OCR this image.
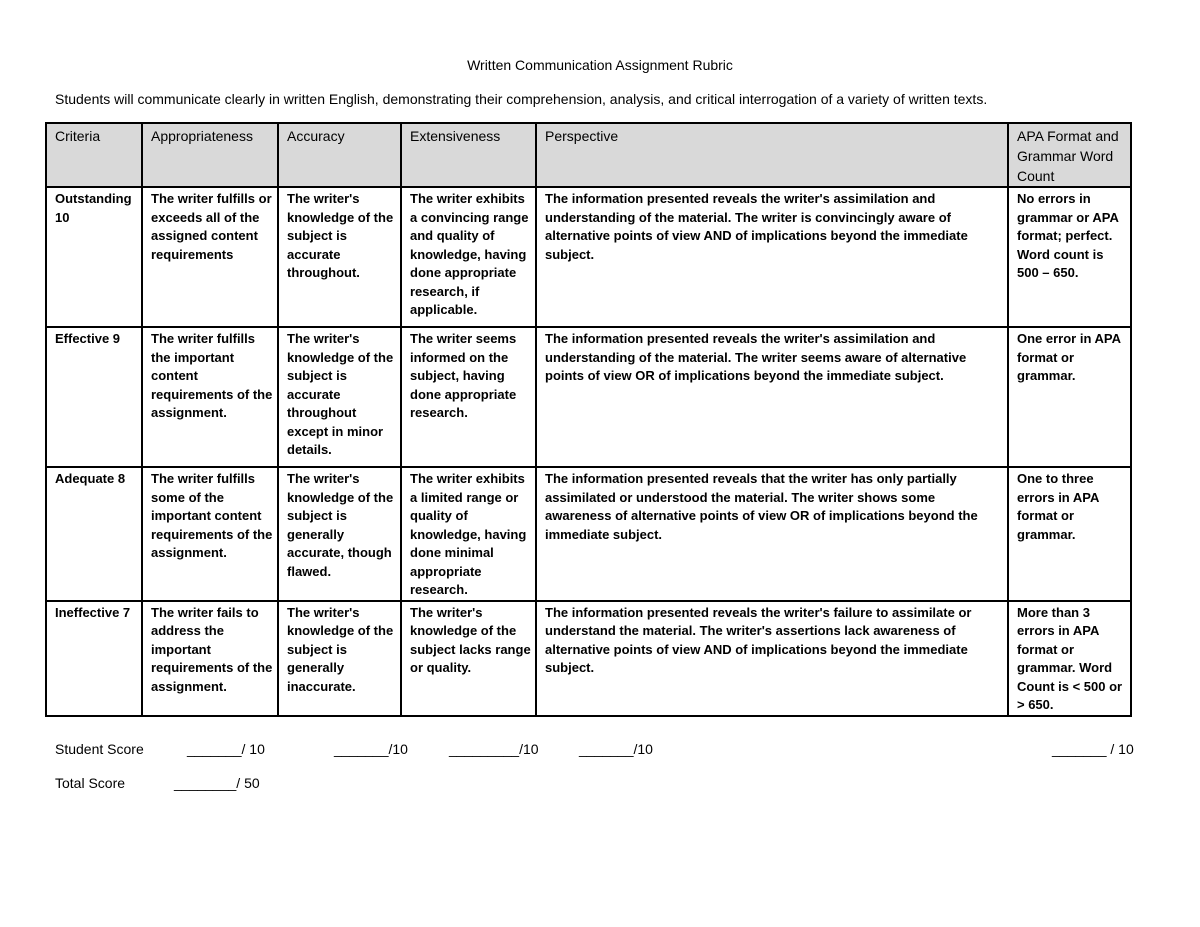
Written Communication Assignment Rubric
Students will communicate clearly in written English, demonstrating their comprehension, analysis, and critical interrogation of a variety of written texts.
Criteria	Appropriateness	Accuracy	Extensiveness	Perspective	APA Format and Grammar Word Count
Outstanding 10	The writer fulfills or exceeds all of the assigned content requirements	The writer's knowledge of the subject is accurate throughout.	The writer exhibits a convincing range and quality of knowledge, having done appropriate research, if applicable.	The information presented reveals the writer's assimilation and understanding of the material. The writer is convincingly aware of alternative points of view AND of implications beyond the immediate subject.	No errors in grammar or APA format; perfect. Word count is 500 – 650.
Effective 9	The writer fulfills the important content requirements of the assignment.	The writer's knowledge of the subject is accurate throughout except in minor details.	The writer seems informed on the subject, having done appropriate research.	The information presented reveals the writer's assimilation and understanding of the material. The writer seems aware of alternative points of view OR of implications beyond the immediate subject.	One error in APA format or grammar.
Adequate 8	The writer fulfills some of the important content requirements of the assignment.	The writer's knowledge of the subject is generally accurate, though flawed.	The writer exhibits a limited range or quality of knowledge, having done minimal appropriate research.	The information presented reveals that the writer has only partially assimilated or understood the material. The writer shows some awareness of alternative points of view OR of implications beyond the immediate subject.	One to three errors in APA format or grammar.
Ineffective 7	The writer fails to address the important requirements of the assignment.	The writer's knowledge of the subject is generally inaccurate.	The writer's knowledge of the subject lacks range or quality.	The information presented reveals the writer's failure to assimilate or understand the material. The writer's assertions lack awareness of alternative points of view AND of implications beyond the immediate subject.	More than 3 errors in APA format or grammar. Word Count is < 500 or > 650.
Student Score	_______/ 10	_______/10	_________/10	_______/10	_______ / 10
Total Score	________/ 50
